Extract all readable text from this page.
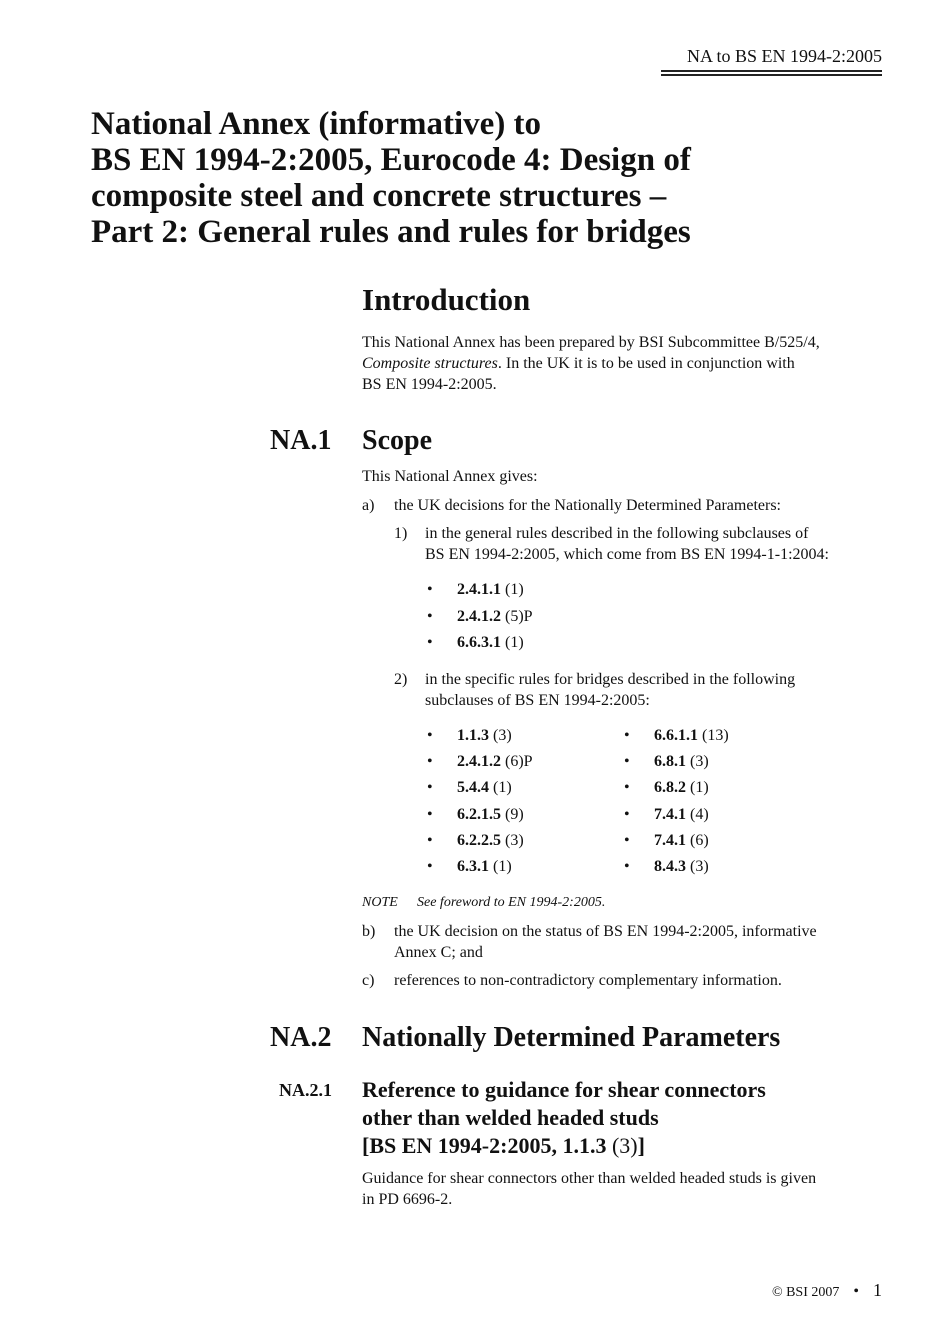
NA to BS EN 1994-2:2005
National Annex (informative) to
BS EN 1994-2:2005, Eurocode 4: Design of
composite steel and concrete structures –
Part 2: General rules and rules for bridges
Introduction
This National Annex has been prepared by BSI Subcommittee B/525/4,
Composite structures. In the UK it is to be used in conjunction with
BS EN 1994-2:2005.
NA.1 Scope
This National Annex gives:
a) the UK decisions for the Nationally Determined Parameters:
1) in the general rules described in the following subclauses of
BS EN 1994-2:2005, which come from BS EN 1994-1-1:2004:
• 2.4.1.1 (1)
• 2.4.1.2 (5)P
• 6.6.3.1 (1)
2) in the specific rules for bridges described in the following
subclauses of BS EN 1994-2:2005:
• 1.1.3 (3)
• 2.4.1.2 (6)P
• 5.4.4 (1)
• 6.2.1.5 (9)
• 6.2.2.5 (3)
• 6.3.1 (1)
• 6.6.1.1 (13)
• 6.8.1 (3)
• 6.8.2 (1)
• 7.4.1 (4)
• 7.4.1 (6)
• 8.4.3 (3)
NOTE See foreword to EN 1994-2:2005.
b) the UK decision on the status of BS EN 1994-2:2005, informative
Annex C; and
c) references to non-contradictory complementary information.
NA.2 Nationally Determined Parameters
NA.2.1 Reference to guidance for shear connectors
other than welded headed studs
[BS EN 1994-2:2005, 1.1.3 (3)]
Guidance for shear connectors other than welded headed studs is given
in PD 6696-2.
© BSI 2007 • 1
